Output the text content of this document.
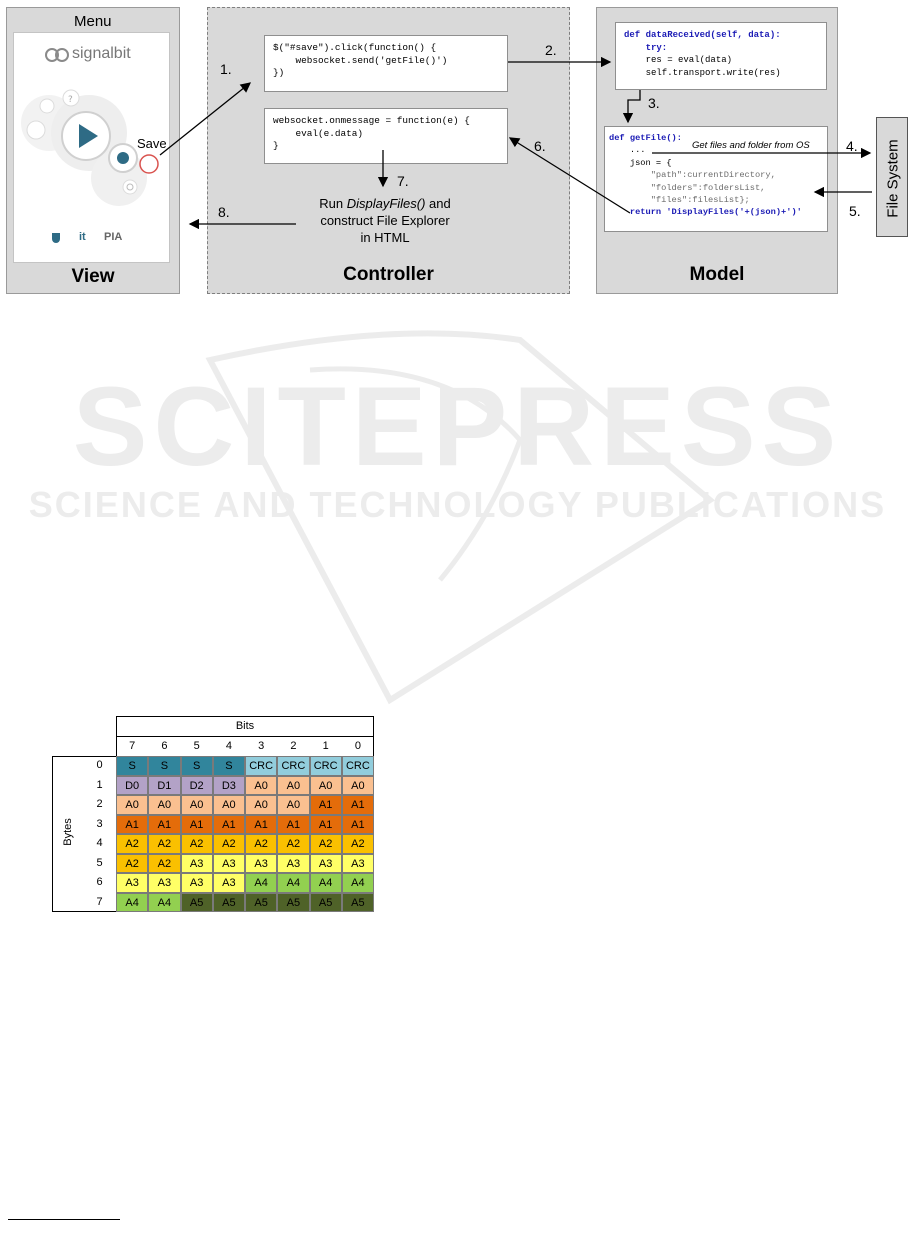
Menu
View
signalbit
?
Save
it PIA
Controller
$("#save").click(function() {
websocket.send('getFile()')
})
websocket.onmessage = function(e) {
eval(e.data)
}
Run DisplayFiles() and
construct File Explorer
in HTML
Model
def dataReceived(self, data):
try:
res = eval(data)
self.transport.write(res)
def getFile():
...
json = {
"path":currentDirectory,
"folders":foldersList,
"files":filesList};
return 'DisplayFiles('+(json)+')'
Get files and folder from OS	File System
1.
2.
3.
4.
5.
6.
7.
8.
SCITEPRESS
SCIENCE AND TECHNOLOGY PUBLICATIONS
Bits
Bytes
7	6	5	4	3	2	1	0
0
1
2
3
4
5
6
7
S	S	S	S	CRC CRC CRC CRC
D0	D1	D2	D3	A0	A0	A0	A0
A0	A0	A0	A0	A0	A0	A1	A1
A1	A1	A1	A1	A1	A1	A1	A1
A2	A2	A2	A2	A2	A2	A2	A2
A2	A2	A3	A3	A3	A3	A3	A3
A3	A3	A3	A3	A4	A4	A4	A4
A4	A4	A5	A5	A5	A5	A5	A5
